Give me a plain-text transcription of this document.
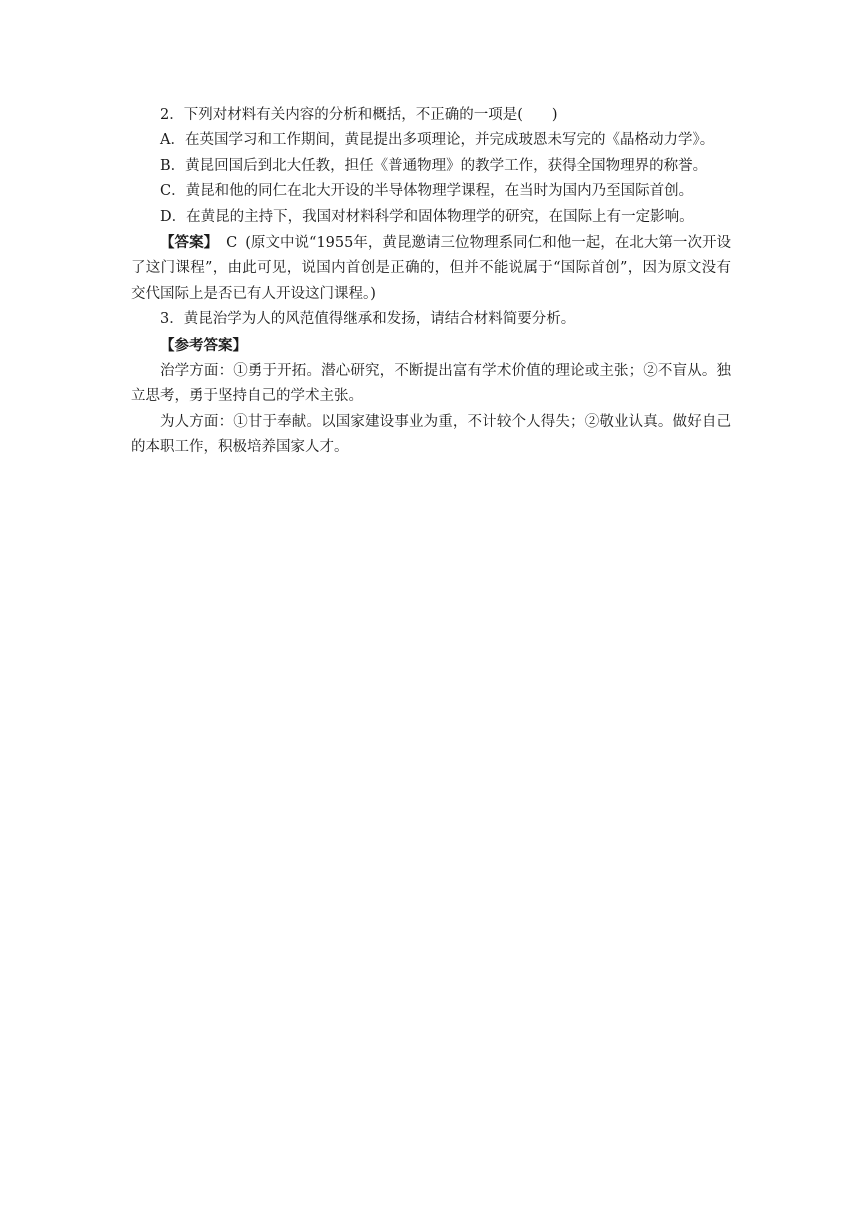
2．下列对材料有关内容的分析和概括，不正确的一项是(　　)

A．在英国学习和工作期间，黄昆提出多项理论，并完成玻恩未写完的《晶格动力学》。

B．黄昆回国后到北大任教，担任《普通物理》的教学工作，获得全国物理界的称誉。

C．黄昆和他的同仁在北大开设的半导体物理学课程，在当时为国内乃至国际首创。

D．在黄昆的主持下，我国对材料科学和固体物理学的研究，在国际上有一定影响。

【答案】 C (原文中说“1955年，黄昆邀请三位物理系同仁和他一起，在北大第一次开设了这门课程”，由此可见，说国内首创是正确的，但并不能说属于“国际首创”，因为原文没有交代国际上是否已有人开设这门课程。)

3．黄昆治学为人的风范值得继承和发扬，请结合材料简要分析。

【参考答案】

治学方面：①勇于开拓。潜心研究，不断提出富有学术价值的理论或主张；②不盲从。独立思考，勇于坚持自己的学术主张。

为人方面：①甘于奉献。以国家建设事业为重，不计较个人得失；②敬业认真。做好自己的本职工作，积极培养国家人才。
